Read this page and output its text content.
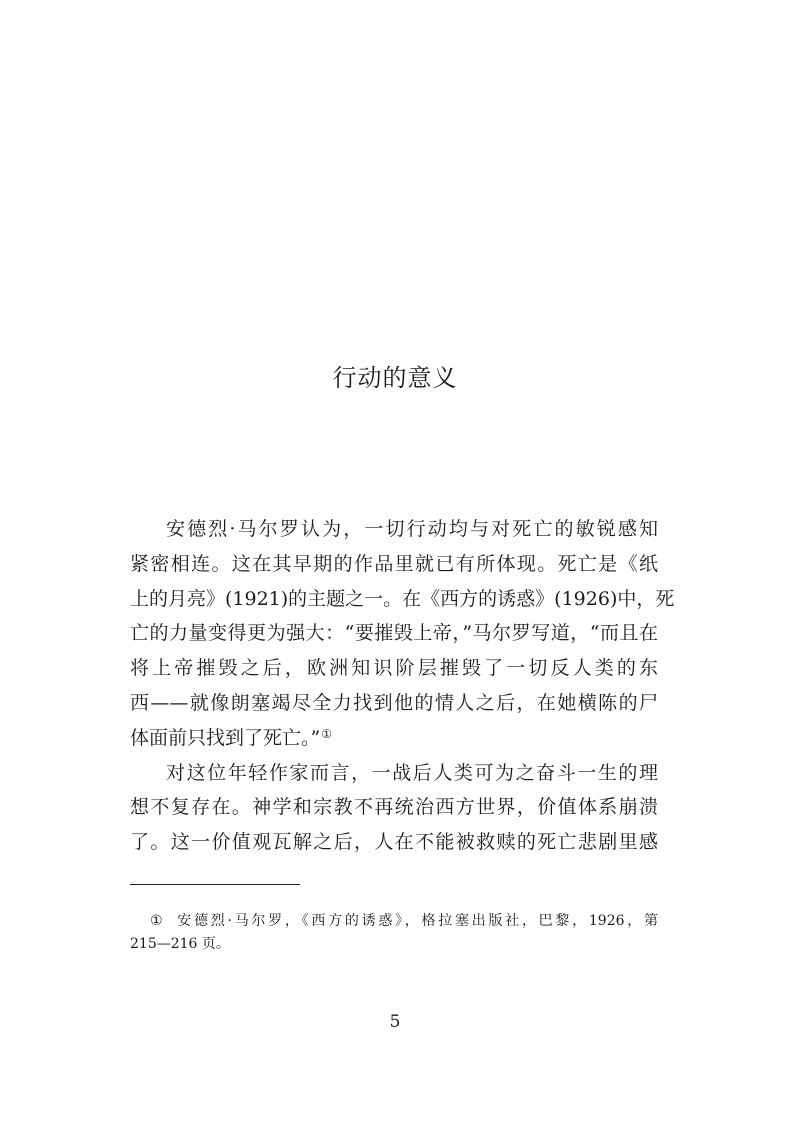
行动的意义
安德烈·马尔罗认为，一切行动均与对死亡的敏锐感知
紧密相连。这在其早期的作品里就已有所体现。死亡是《纸
上的月亮》(1921)的主题之一。在《西方的诱惑》(1926)中，死
亡的力量变得更为强大：“要摧毁上帝，”马尔罗写道，“而且在
将上帝摧毁之后，欧洲知识阶层摧毁了一切反人类的东
西——就像朗塞竭尽全力找到他的情人之后，在她横陈的尸
体面前只找到了死亡。”①
对这位年轻作家而言，一战后人类可为之奋斗一生的理
想不复存在。神学和宗教不再统治西方世界，价值体系崩溃
了。这一价值观瓦解之后，人在不能被救赎的死亡悲剧里感
① 安德烈·马尔罗，《西方的诱惑》，格拉塞出版社，巴黎，1926，第
215—216 页。
5
